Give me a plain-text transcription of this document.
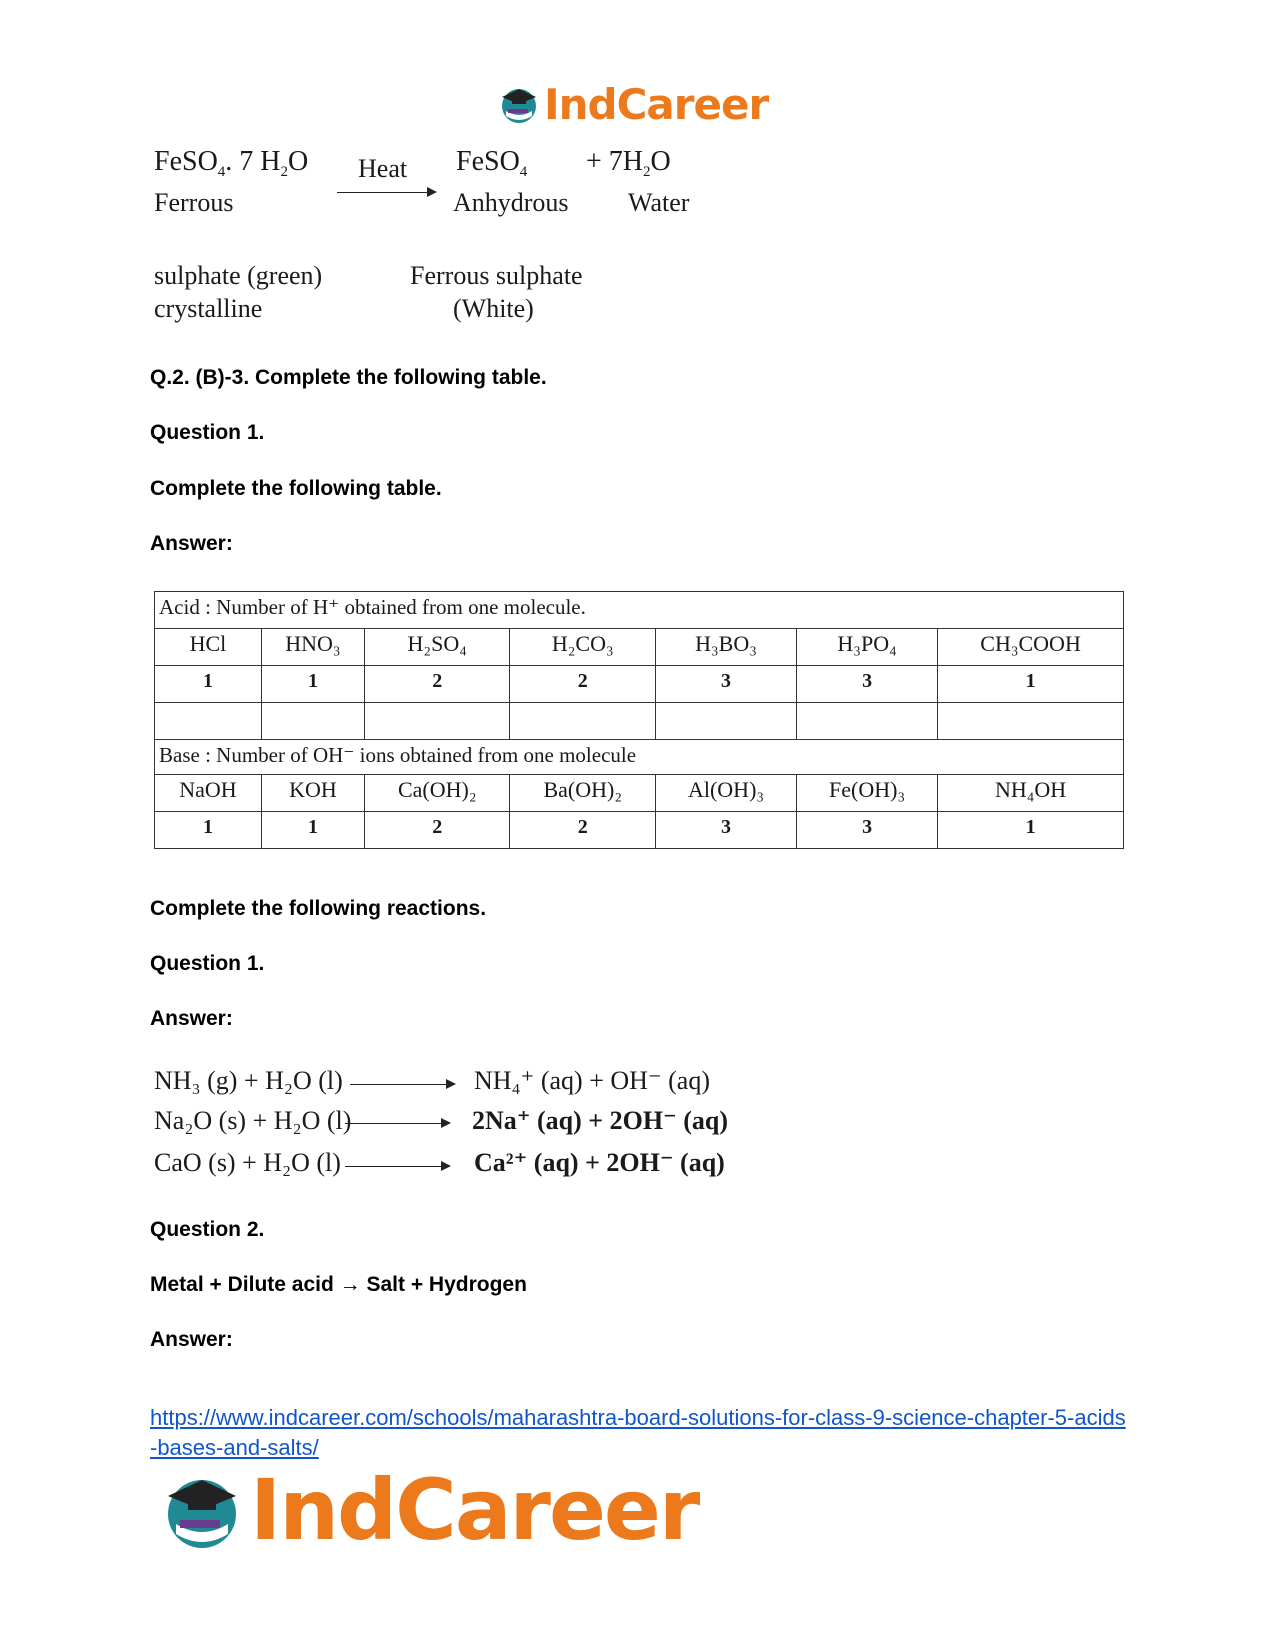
IndCareer
FeSO$_4$. 7 $H_2O$
Ferrous
Heat FeSO$_4$
Anhydrous
+ $7H_2O$
Water
sulphate (green)
crystalline
Ferrous sulphate
(White)
Q.2. (B)-3. Complete the following table.
Question 1.
Complete the following table.
Answer:
Acid : Number of H⁺ obtained from one molecule.						
HCl	HNO₃	H₂SO₄	H₂CO₃	H₃BO₃	H₃PO₄	CH₃COOH
1	1	2	2	3	3	1

Base : Number of OH⁻ ions obtained from one molecule						
NaOH	KOH	Ca(OH)₂	Ba(OH)₂	Al(OH)₃	Fe(OH)₃	NH₄OH
1	1	2	2	3	3	1
Complete the following reactions.
Question 1.
Answer:
NH₃ (g) + H₂O (l)	NH₄⁺ (aq) + OH⁻ (aq)
Na₂O (s) + H₂O (l)	2Na⁺ (aq) + 2OH⁻ (aq)
CaO (s) + H₂O (l)	Ca²⁺ (aq) + 2OH⁻ (aq)
Question 2.
Metal + Dilute acid → Salt + Hydrogen
Answer:
https://www.indcareer.com/schools/maharashtra-board-solutions-for-class-9-science-chapter-5-acids-bases-and-salts/
IndCareer
